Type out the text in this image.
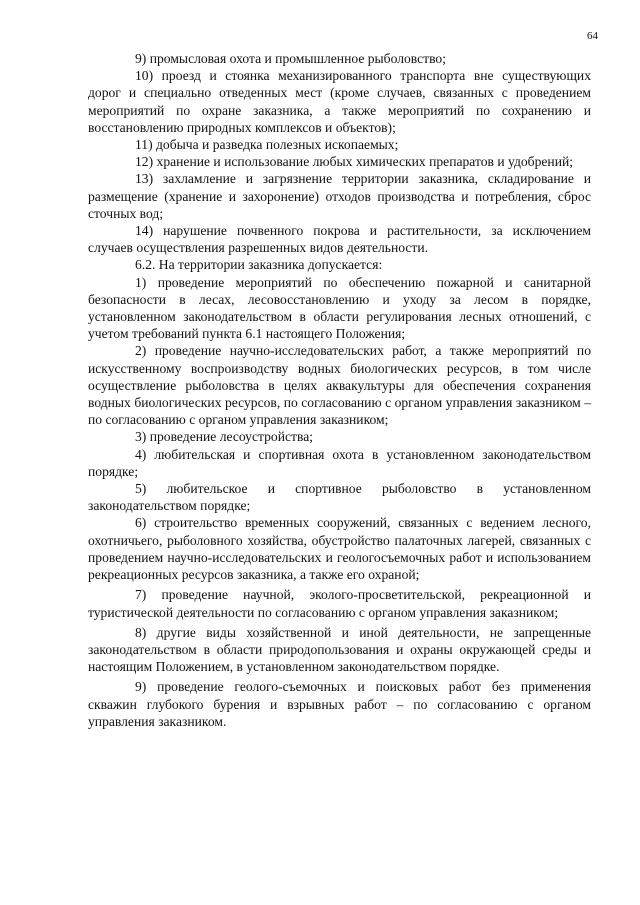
64

9) промысловая охота и промышленное рыболовство;

10) проезд и стоянка механизированного транспорта вне существующих дорог и специально отведенных мест (кроме случаев, связанных с проведением мероприятий по охране заказника, а также мероприятий по сохранению и восстановлению природных комплексов и объектов);

11) добыча и разведка полезных ископаемых;

12) хранение и использование любых химических препаратов и удобрений;

13) захламление и загрязнение территории заказника, складирование и размещение (хранение и захоронение) отходов производства и потребления, сброс сточных вод;

14) нарушение почвенного покрова и растительности, за исключением случаев осуществления разрешенных видов деятельности.

6.2. На территории заказника допускается:

1) проведение мероприятий по обеспечению пожарной и санитарной безопасности в лесах, лесовосстановлению и уходу за лесом в порядке, установленном законодательством в области регулирования лесных отношений, с учетом требований пункта 6.1 настоящего Положения;

2) проведение научно-исследовательских работ, а также мероприятий по искусственному воспроизводству водных биологических ресурсов, в том числе осуществление рыболовства в целях аквакультуры для обеспечения сохранения водных биологических ресурсов, по согласованию с органом управления заказником – по согласованию с органом управления заказником;

3) проведение лесоустройства;

4) любительская и спортивная охота в установленном законодательством порядке;

5) любительское и спортивное рыболовство в установленном законодательством порядке;

6) строительство временных сооружений, связанных с ведением лесного, охотничьего, рыболовного хозяйства, обустройство палаточных лагерей, связанных с проведением научно-исследовательских и геологосъемочных работ и использованием рекреационных ресурсов заказника, а также его охраной;

7) проведение научной, эколого-просветительской, рекреационной и туристической деятельности по согласованию с органом управления заказником;

8) другие виды хозяйственной и иной деятельности, не запрещенные законодательством в области природопользования и охраны окружающей среды и настоящим Положением, в установленном законодательством порядке.

9) проведение геолого-съемочных и поисковых работ без применения скважин глубокого бурения и взрывных работ – по согласованию с органом управления заказником.
